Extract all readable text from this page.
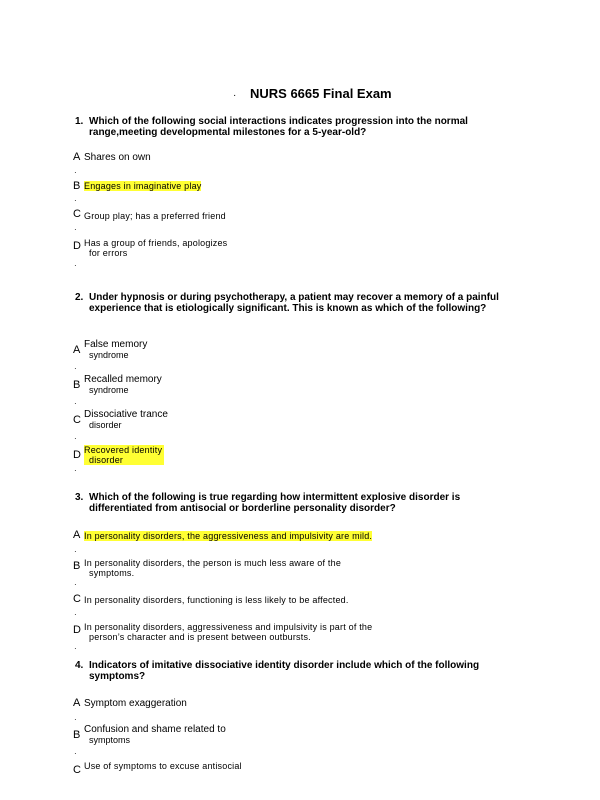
· NURS 6665 Final Exam
1. Which of the following social interactions indicates progression into the normal range,meeting developmental milestones for a 5-year-old?
A Shares on own
·
B Engages in imaginative play
·
C Group play; has a preferred friend
·
D Has a group of friends, apologizes
for errors
·
2. Under hypnosis or during psychotherapy, a patient may recover a memory of a painful experience that is etiologically significant. This is known as which of the following?
A False memory
syndrome
·
B Recalled memory
syndrome
·
C Dissociative trance
disorder
·
D Recovered identity
disorder
·
3. Which of the following is true regarding how intermittent explosive disorder is differentiated from antisocial or borderline personality disorder?
A In personality disorders, the aggressiveness and impulsivity are mild.
·
B In personality disorders, the person is much less aware of the
symptoms.
·
C In personality disorders, functioning is less likely to be affected.
·
D In personality disorders, aggressiveness and impulsivity is part of the
person’s character and is present between outbursts.
·
4. Indicators of imitative dissociative identity disorder include which of the following symptoms?
A Symptom exaggeration
·
B Confusion and shame related to
symptoms
·
C Use of symptoms to excuse antisocial
